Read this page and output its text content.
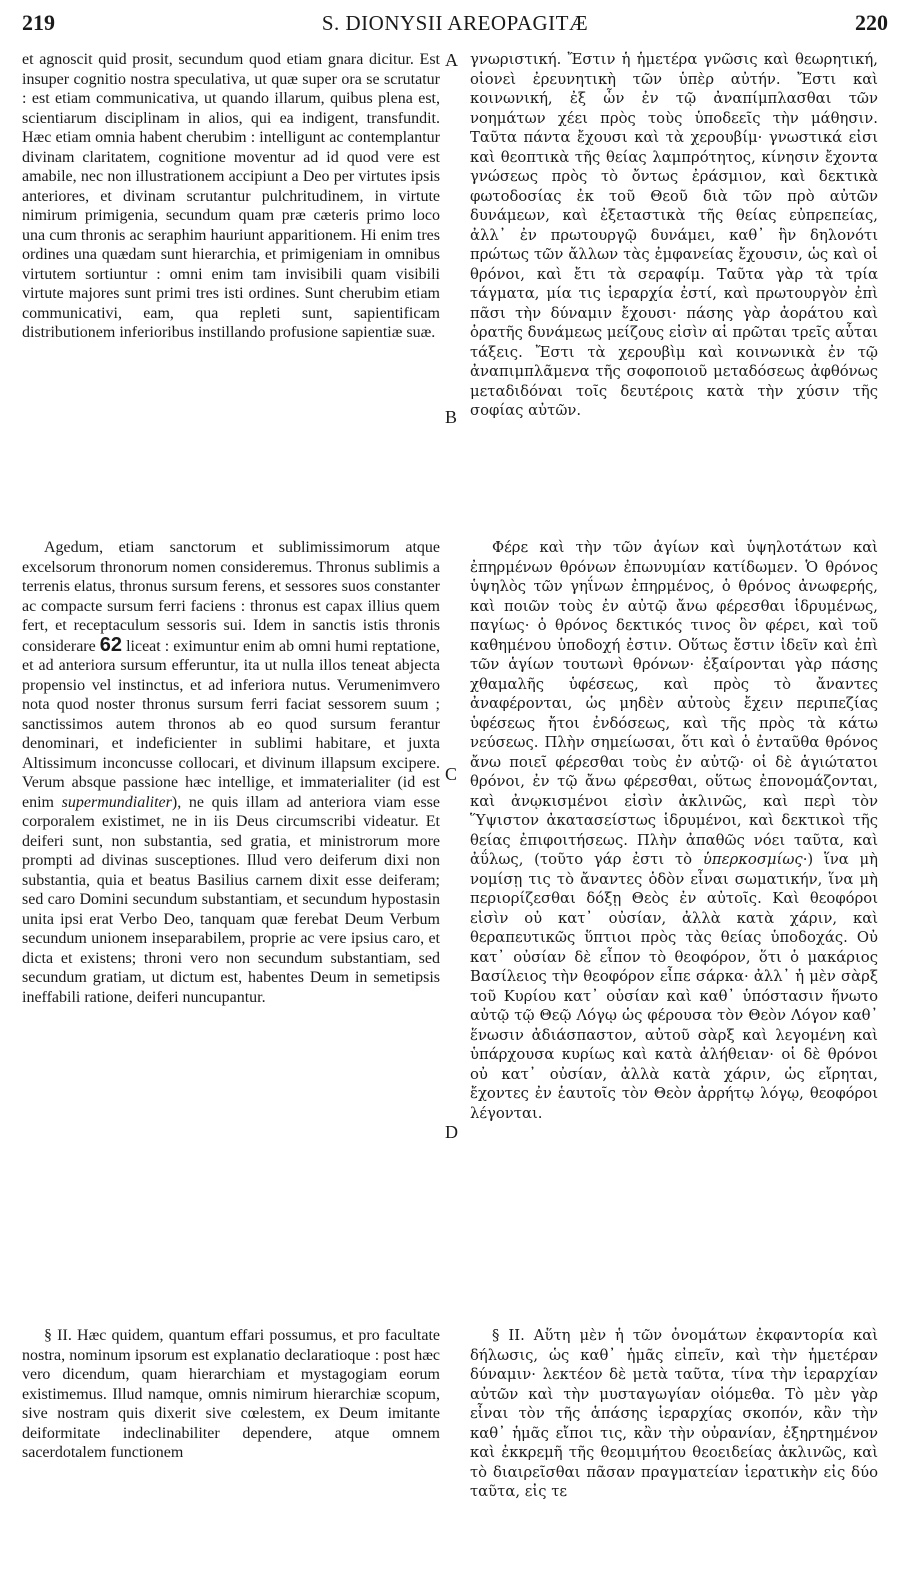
219	S. DIONYSII AREOPAGITÆ	220

et agnoscit quid prosit, secundum quod etiam gnara dicitur. Est insuper cognitio nostra speculativa, ut quæ super ora se scrutatur : est etiam communicativa, ut quando illarum, quibus plena est, scientiarum disciplinam in alios, qui ea indigent, transfundit. Hæc etiam omnia habent cherubim : intelligunt ac contemplantur divinam claritatem, cognitione moventur ad id quod vere est amabile, nec non illustrationem accipiunt a Deo per virtutes ipsis anteriores, et divinam scrutantur pulchritudinem, in virtute nimirum primigenia, secundum quam præ cæteris primo loco una cum thronis ac seraphim hauriunt apparitionem. Hi enim tres ordines una quædam sunt hierarchia, et primigeniam in omnibus virtutem sortiuntur : omni enim tam invisibili quam visibili virtute majores sunt primi tres isti ordines. Sunt cherubim etiam communicativi, eam, qua repleti sunt, sapientificam distributionem inferioribus instillando profusione sapientiæ suæ.

Agedum, etiam sanctorum et sublimissimorum atque excelsorum thronorum nomen consideremus. Thronus sublimis a terrenis elatus, thronus sursum ferens, et sessores suos constanter ac compacte sursum ferri faciens : thronus est capax illius quem fert, et receptaculum sessoris sui. Idem in sanctis istis thronis considerare 62 liceat : eximuntur enim ab omni humi reptatione, et ad anteriora sursum efferuntur, ita ut nulla illos teneat abjecta propensio vel instinctus, et ad inferiora nutus. Verumenimvero nota quod noster thronus sursum ferri faciat sessorem suum ; sanctissimos autem thronos ab eo quod sursum ferantur denominari, et indeficienter in sublimi habitare, et juxta Altissimum inconcusse collocari, et divinum illapsum excipere. Verum absque passione hæc intellige, et immaterialiter (id est enim supermundialiter), ne quis illam ad anteriora viam esse corporalem existimet, ne in iis Deus circumscribi videatur. Et deiferi sunt, non substantia, sed gratia, et ministrorum more prompti ad divinas susceptiones. Illud vero deiferum dixi non substantia, quia et beatus Basilius carnem dixit esse deiferam; sed caro Domini secundum substantiam, et secundum hypostasin unita ipsi erat Verbo Deo, tanquam quæ ferebat Deum Verbum secundum unionem inseparabilem, proprie ac vere ipsius caro, et dicta et existens; throni vero non secundum substantiam, sed secundum gratiam, ut dictum est, habentes Deum in semetipsis ineffabili ratione, deiferi nuncupantur.

§ II. Hæc quidem, quantum effari possumus, et pro facultate nostra, nominum ipsorum est explanatio declaratioque : post hæc vero dicendum, quam hierarchiam et mystagogiam eorum existimemus. Illud namque, omnis nimirum hierarchiæ scopum, sive nostram quis dixerit sive cœlestem, ex Deum imitante deiformitate indeclinabiliter dependere, atque omnem sacerdotalem functionem

A
B
C
D

γνωριστική. Ἔστιν ἡ ἡμετέρα γνῶσις καὶ θεωρητική, οἱονεὶ ἐρευνητικὴ τῶν ὑπὲρ αὐτήν. Ἔστι καὶ κοινωνική, ἐξ ὧν ἐν τῷ ἀναπίμπλασθαι τῶν νοημάτων χέει πρὸς τοὺς ὑποδεεῖς τὴν μάθησιν. Ταῦτα πάντα ἔχουσι καὶ τὰ χερουβίμ· γνωστικά εἰσι καὶ θεοπτικὰ τῆς θείας λαμπρότητος, κίνησιν ἔχοντα γνώσεως πρὸς τὸ ὄντως ἐράσμιον, καὶ δεκτικὰ φωτοδοσίας ἐκ τοῦ Θεοῦ διὰ τῶν πρὸ αὐτῶν δυνάμεων, καὶ ἐξεταστικὰ τῆς θείας εὐπρεπείας, ἀλλ᾽ ἐν πρωτουργῷ δυνάμει, καθ᾽ ἣν δηλονότι πρώτως τῶν ἄλλων τὰς ἐμφανείας ἔχουσιν, ὡς καὶ οἱ θρόνοι, καὶ ἔτι τὰ σεραφίμ. Ταῦτα γὰρ τὰ τρία τάγματα, μία τις ἱεραρχία ἐστί, καὶ πρωτουργὸν ἐπὶ πᾶσι τὴν δύναμιν ἔχουσι· πάσης γὰρ ἀοράτου καὶ ὁρατῆς δυνάμεως μείζους εἰσὶν αἱ πρῶται τρεῖς αὗται τάξεις. Ἔστι τὰ χερουβὶμ καὶ κοινωνικὰ ἐν τῷ ἀναπιμπλᾶμενα τῆς σοφοποιοῦ μεταδόσεως ἀφθόνως μεταδιδόναι τοῖς δευτέροις κατὰ τὴν χύσιν τῆς σοφίας αὐτῶν.

Φέρε καὶ τὴν τῶν ἁγίων καὶ ὑψηλοτάτων καὶ ἐπηρμένων θρόνων ἐπωνυμίαν κατίδωμεν. Ὁ θρόνος ὑψηλὸς τῶν γηΐνων ἐπηρμένος, ὁ θρόνος ἀνωφερής, καὶ ποιῶν τοὺς ἐν αὐτῷ ἄνω φέρεσθαι ἱδρυμένως, παγίως· ὁ θρόνος δεκτικός τινος ὃν φέρει, καὶ τοῦ καθημένου ὑποδοχή ἐστιν. Οὕτως ἔστιν ἰδεῖν καὶ ἐπὶ τῶν ἁγίων τουτωνὶ θρόνων· ἐξαίρονται γὰρ πάσης χθαμαλῆς ὑφέσεως, καὶ πρὸς τὸ ἄναντες ἀναφέρονται, ὡς μηδὲν αὐτοὺς ἔχειν περιπεζίας ὑφέσεως ἤτοι ἐνδόσεως, καὶ τῆς πρὸς τὰ κάτω νεύσεως. Πλὴν σημείωσαι, ὅτι καὶ ὁ ἐνταῦθα θρόνος ἄνω ποιεῖ φέρεσθαι τοὺς ἐν αὐτῷ· οἱ δὲ ἁγιώτατοι θρόνοι, ἐν τῷ ἄνω φέρεσθαι, οὕτως ἐπονομάζονται, καὶ ἀνῳκισμένοι εἰσὶν ἀκλινῶς, καὶ περὶ τὸν Ὕψιστον ἀκατασείστως ἱδρυμένοι, καὶ δεκτικοὶ τῆς θείας ἐπιφοιτήσεως. Πλὴν ἀπαθῶς νόει ταῦτα, καὶ ἀΰλως, (τοῦτο γάρ ἐστι τὸ ὑπερκοσμίως·) ἵνα μὴ νομίσῃ τις τὸ ἄναντες ὁδὸν εἶναι σωματικήν, ἵνα μὴ περιορίζεσθαι δόξῃ Θεὸς ἐν αὐτοῖς. Καὶ θεοφόροι εἰσὶν οὐ κατ᾽ οὐσίαν, ἀλλὰ κατὰ χάριν, καὶ θεραπευτικῶς ὕπτιοι πρὸς τὰς θείας ὑποδοχάς. Οὐ κατ᾽ οὐσίαν δὲ εἶπον τὸ θεοφόρον, ὅτι ὁ μακάριος Βασίλειος τὴν θεοφόρον εἶπε σάρκα· ἀλλ᾽ ἡ μὲν σὰρξ τοῦ Κυρίου κατ᾽ οὐσίαν καὶ καθ᾽ ὑπόστασιν ἥνωτο αὐτῷ τῷ Θεῷ Λόγῳ ὡς φέρουσα τὸν Θεὸν Λόγον καθ᾽ ἕνωσιν ἀδιάσπαστον, αὐτοῦ σὰρξ καὶ λεγομένη καὶ ὑπάρχουσα κυρίως καὶ κατὰ ἀλήθειαν· οἱ δὲ θρόνοι οὐ κατ᾽ οὐσίαν, ἀλλὰ κατὰ χάριν, ὡς εἴρηται, ἔχοντες ἐν ἑαυτοῖς τὸν Θεὸν ἀρρήτῳ λόγῳ, θεοφόροι λέγονται.

§ II. Αὕτη μὲν ἡ τῶν ὀνομάτων ἐκφαντορία καὶ δήλωσις, ὡς καθ᾽ ἡμᾶς εἰπεῖν, καὶ τὴν ἡμετέραν δύναμιν· λεκτέον δὲ μετὰ ταῦτα, τίνα τὴν ἱεραρχίαν αὐτῶν καὶ τὴν μυσταγωγίαν οἰόμεθα. Τὸ μὲν γὰρ εἶναι τὸν τῆς ἁπάσης ἱεραρχίας σκοπόν, κἂν τὴν καθ᾽ ἡμᾶς εἴποι τις, κἂν τὴν οὐρανίαν, ἐξηρτημένον καὶ ἐκκρεμῆ τῆς θεομιμήτου θεοειδείας ἀκλινῶς, καὶ τὸ διαιρεῖσθαι πᾶσαν πραγματείαν ἱερατικὴν εἰς δύο ταῦτα, εἰς τε
